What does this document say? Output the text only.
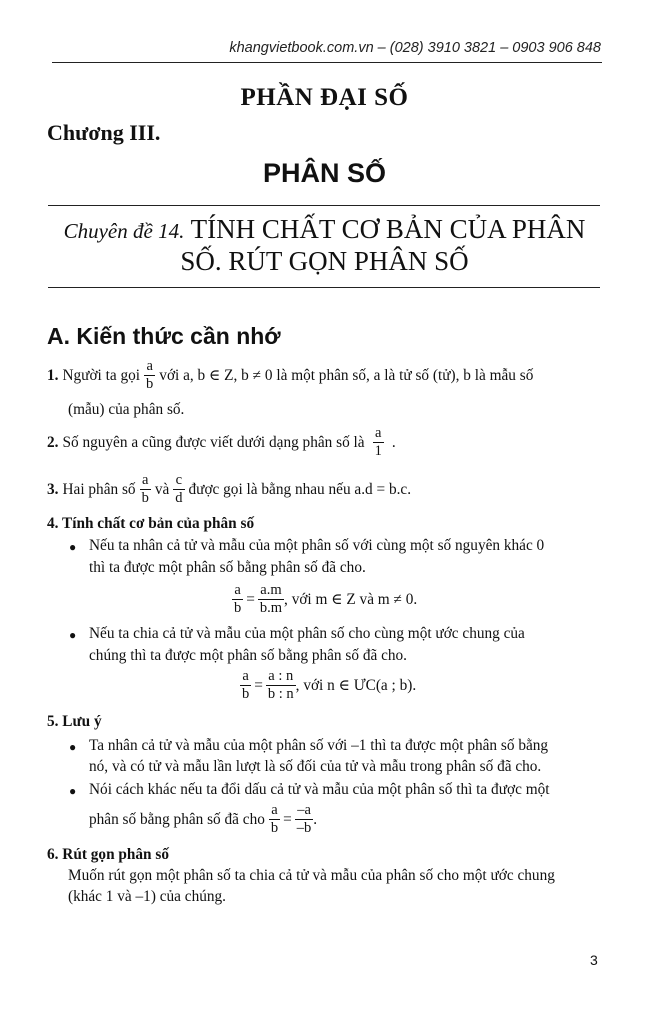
khangvietbook.com.vn – (028) 3910 3821 – 0903 906 848
PHẦN ĐẠI SỐ
Chương III.
PHÂN SỐ
Chuyên đề 14. TÍNH CHẤT CƠ BẢN CỦA PHÂN
SỐ. RÚT GỌN PHÂN SỐ
A. Kiến thức cần nhớ
1. Người ta gọi $\frac{a}{b}$ với a, b ∈ Z, b ≠ 0 là một phân số, a là tử số (tử), b là mẫu số
(mẫu) của phân số.
2. Số nguyên a cũng được viết dưới dạng phân số là $\frac{a}{1}$ .
3. Hai phân số $\frac{a}{b}$ và $\frac{c}{d}$ được gọi là bằng nhau nếu a.d = b.c.
4. Tính chất cơ bản của phân số
● Nếu ta nhân cả tử và mẫu của một phân số với cùng một số nguyên khác 0
thì ta được một phân số bằng phân số đã cho.
$\frac{a}{b} = \frac{a.m}{b.m}$ , với m ∈ Z và m ≠ 0.
● Nếu ta chia cả tử và mẫu của một phân số cho cùng một ước chung của
chúng thì ta được một phân số bằng phân số đã cho.
$\frac{a}{b} = \frac{a : n}{b : n}$ , với n ∈ ƯC(a ; b).
5. Lưu ý
● Ta nhân cả tử và mẫu của một phân số với –1 thì ta được một phân số bằng
nó, và có tử và mẫu lần lượt là số đối của tử và mẫu trong phân số đã cho.
● Nói cách khác nếu ta đổi dấu cả tử và mẫu của một phân số thì ta được một
phân số bằng phân số đã cho $\frac{a}{b} = \frac{-a}{-b}$ .
6. Rút gọn phân số
Muốn rút gọn một phân số ta chia cả tử và mẫu của phân số cho một ước chung
(khác 1 và –1) của chúng.
3
